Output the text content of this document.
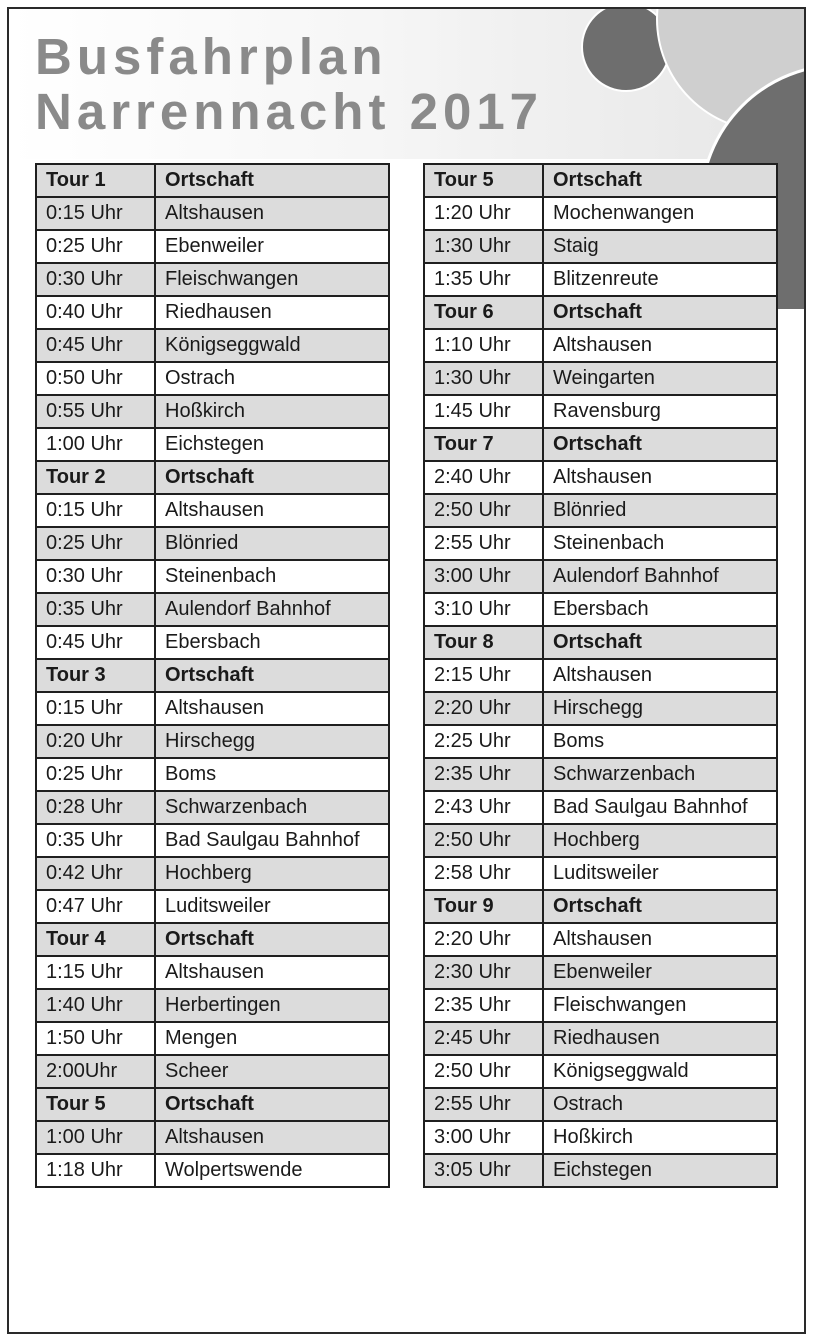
Busfahrplan
Narrennacht 2017
Tour 1	Ortschaft
0:15 Uhr	Altshausen
0:25 Uhr	Ebenweiler
0:30 Uhr	Fleischwangen
0:40 Uhr	Riedhausen
0:45 Uhr	Königseggwald
0:50 Uhr	Ostrach
0:55 Uhr	Hoßkirch
1:00 Uhr	Eichstegen
Tour 2	Ortschaft
0:15 Uhr	Altshausen
0:25 Uhr	Blönried
0:30 Uhr	Steinenbach
0:35 Uhr	Aulendorf Bahnhof
0:45 Uhr	Ebersbach
Tour 3	Ortschaft
0:15 Uhr	Altshausen
0:20 Uhr	Hirschegg
0:25 Uhr	Boms
0:28 Uhr	Schwarzenbach
0:35 Uhr	Bad Saulgau Bahnhof
0:42 Uhr	Hochberg
0:47 Uhr	Luditsweiler
Tour 4	Ortschaft
1:15 Uhr	Altshausen
1:40 Uhr	Herbertingen
1:50 Uhr	Mengen
2:00Uhr	Scheer
Tour 5	Ortschaft
1:00 Uhr	Altshausen
1:18 Uhr	Wolpertswende
Tour 5	Ortschaft
1:20 Uhr	Mochenwangen
1:30 Uhr	Staig
1:35 Uhr	Blitzenreute
Tour 6	Ortschaft
1:10 Uhr	Altshausen
1:30 Uhr	Weingarten
1:45 Uhr	Ravensburg
Tour 7	Ortschaft
2:40 Uhr	Altshausen
2:50 Uhr	Blönried
2:55 Uhr	Steinenbach
3:00 Uhr	Aulendorf Bahnhof
3:10 Uhr	Ebersbach
Tour 8	Ortschaft
2:15 Uhr	Altshausen
2:20 Uhr	Hirschegg
2:25 Uhr	Boms
2:35 Uhr	Schwarzenbach
2:43 Uhr	Bad Saulgau Bahnhof
2:50 Uhr	Hochberg
2:58 Uhr	Luditsweiler
Tour 9	Ortschaft
2:20 Uhr	Altshausen
2:30 Uhr	Ebenweiler
2:35 Uhr	Fleischwangen
2:45 Uhr	Riedhausen
2:50 Uhr	Königseggwald
2:55 Uhr	Ostrach
3:00 Uhr	Hoßkirch
3:05 Uhr	Eichstegen
